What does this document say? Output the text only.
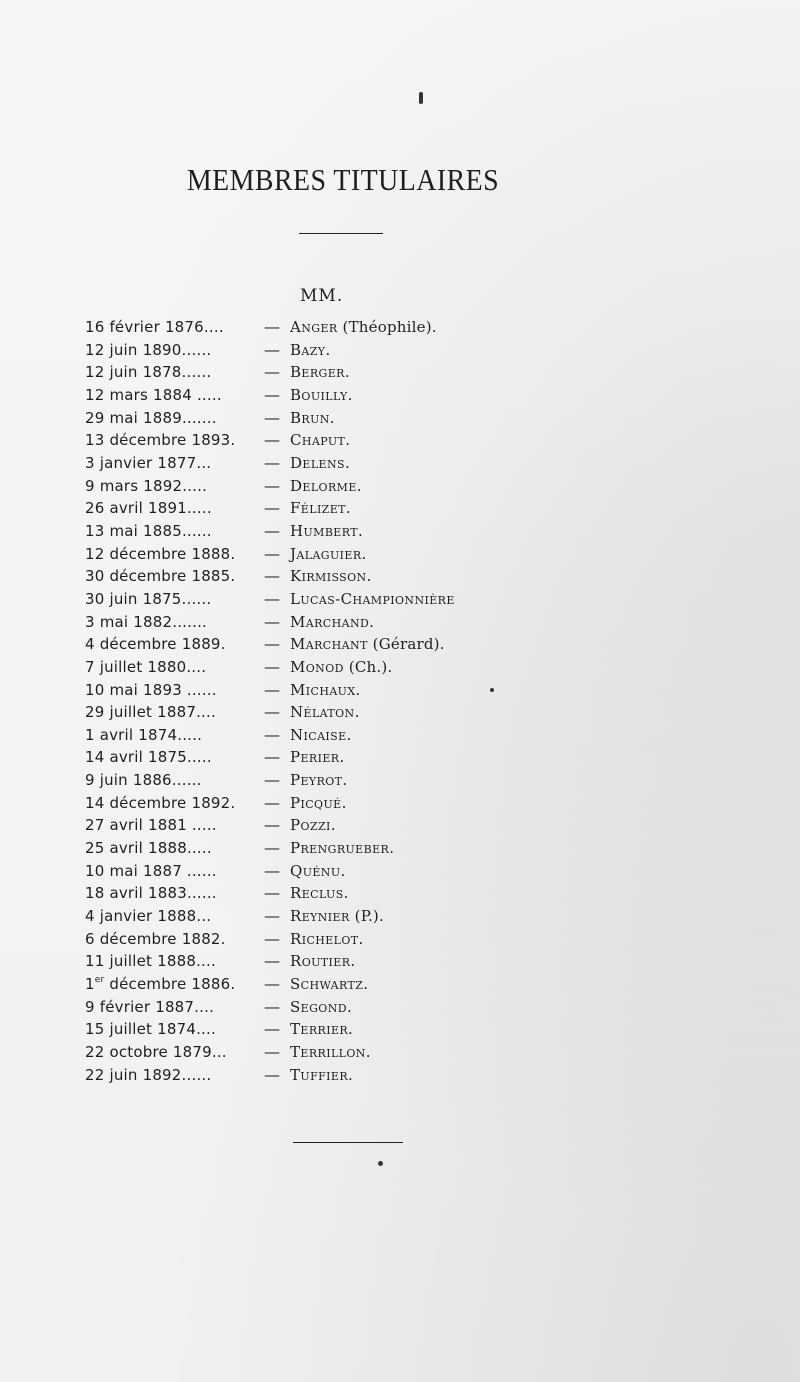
MEMBRES TITULAIRES
MM.
16 février 1876....	— Anger (Théophile).
12 juin 1890......	— Bazy.
12 juin 1878......	— Berger.
12 mars 1884 .....	— Bouilly.
29 mai 1889.......	— Brun.
13 décembre 1893.	— Chaput.
3 janvier 1877...	— Delens.
9 mars 1892.....	— Delorme.
26 avril 1891.....	— Félizet.
13 mai 1885......	— Humbert.
12 décembre 1888.	— Jalaguier.
30 décembre 1885.	— Kirmisson.
30 juin 1875......	— Lucas-Championnière
3 mai 1882.......	— Marchand.
4 décembre 1889.	— Marchant (Gérard).
7 juillet 1880....	— Monod (Ch.).
10 mai 1893 ......	— Michaux.
29 juillet 1887....	— Nélaton.
1 avril 1874.....	— Nicaise.
14 avril 1875.....	— Perier.
9 juin 1886......	— Peyrot.
14 décembre 1892.	— Picqué.
27 avril 1881 .....	— Pozzi.
25 avril 1888.....	— Prengrueber.
10 mai 1887 ......	— Quénu.
18 avril 1883......	— Reclus.
4 janvier 1888...	— Reynier (P.).
6 décembre 1882.	— Richelot.
11 juillet 1888....	— Routier.
1er décembre 1886.	— Schwartz.
9 février 1887....	— Segond.
15 juillet 1874....	— Terrier.
22 octobre 1879...	— Terrillon.
22 juin 1892......	— Tuffier.
